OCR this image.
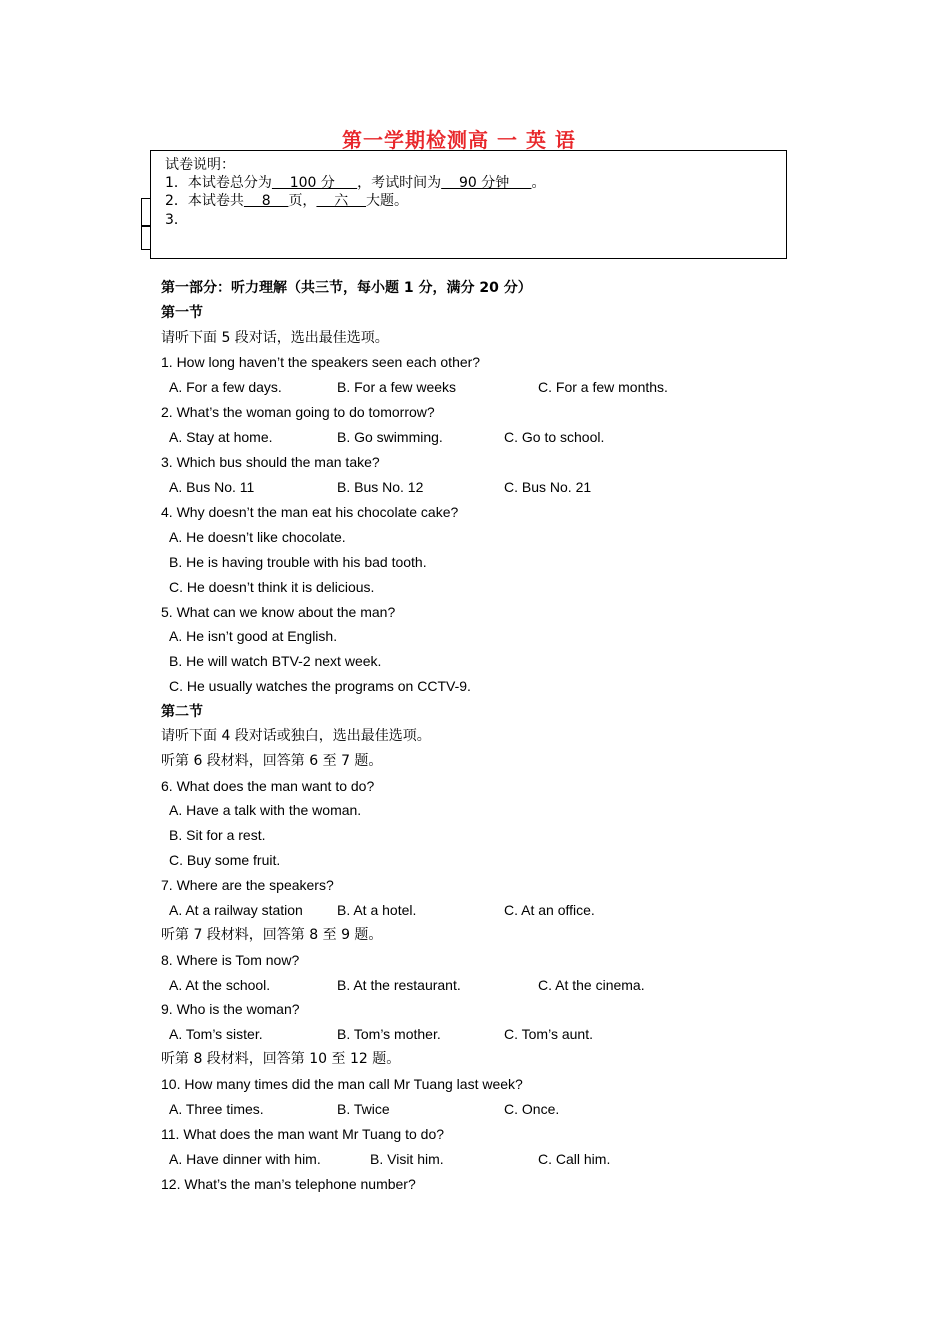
第一学期检测高 一 英 语
试卷说明：
1．本试卷总分为    100 分     ，考试时间为    90 分钟     。
2．本试卷共    8    页，    六    大题。
3．
第一部分：听力理解（共三节，每小题 1 分，满分 20 分）
第一节
请听下面 5 段对话，选出最佳选项。
1. How long haven’t the speakers seen each other?
A. For a few days.	B. For a few weeks	C. For a few months.
2. What’s the woman going to do tomorrow?
A. Stay at home.	B. Go swimming.	C. Go to school.
3. Which bus should the man take?
A. Bus No. 11	B. Bus No. 12	C. Bus No. 21
4. Why doesn’t the man eat his chocolate cake?
A. He doesn’t like chocolate.
B. He is having trouble with his bad tooth.
C. He doesn’t think it is delicious.
5. What can we know about the man?
A. He isn’t good at English.
B. He will watch BTV-2 next week.
C. He usually watches the programs on CCTV-9.
第二节
请听下面 4 段对话或独白，选出最佳选项。
听第 6 段材料，回答第 6 至 7 题。
6. What does the man want to do?
A. Have a talk with the woman.
B. Sit for a rest.
C. Buy some fruit.
7. Where are the speakers?
A. At a railway station B. At a hotel.	C. At an office.
听第 7 段材料，回答第 8 至 9 题。
8. Where is Tom now?
A. At the school.	B. At the restaurant.	C. At the cinema.
9. Who is the woman?
A. Tom’s sister.	B. Tom’s mother.	C. Tom’s aunt.
听第 8 段材料，回答第 10 至 12 题。
10. How many times did the man call Mr Tuang last week?
A. Three times.	B. Twice	C. Once.
11. What does the man want Mr Tuang to do?
A. Have dinner with him.	B. Visit him.	C. Call him.
12. What’s the man’s telephone number?
